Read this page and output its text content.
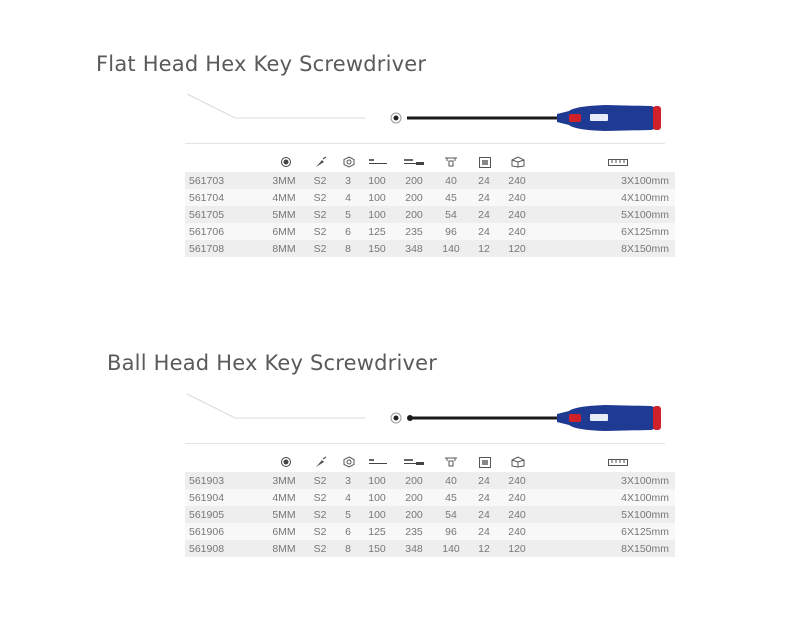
Flat Head Hex Key Screwdriver
561703	3MM	S2	3	100	200	40	24	240	3X100mm
561704	4MM	S2	4	100	200	45	24	240	4X100mm
561705	5MM	S2	5	100	200	54	24	240	5X100mm
561706	6MM	S2	6	125	235	96	24	240	6X125mm
561708	8MM	S2	8	150	348	140	12	120	8X150mm
Ball Head Hex Key Screwdriver
561903	3MM	S2	3	100	200	40	24	240	3X100mm
561904	4MM	S2	4	100	200	45	24	240	4X100mm
561905	5MM	S2	5	100	200	54	24	240	5X100mm
561906	6MM	S2	6	125	235	96	24	240	6X125mm
561908	8MM	S2	8	150	348	140	12	120	8X150mm
